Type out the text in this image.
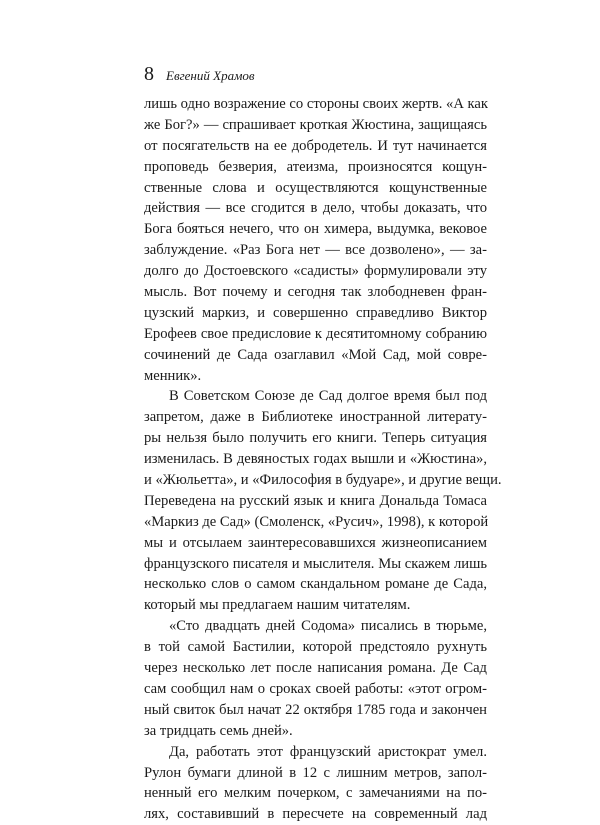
8 Евгений Храмов
лишь одно возражение со стороны своих жертв. «А как
же Бог?» — спрашивает кроткая Жюстина, защищаясь
от посягательств на ее добродетель. И тут начинается
проповедь безверия, атеизма, произносятся кощун-
ственные слова и осуществляются кощунственные
действия — все сгодится в дело, чтобы доказать, что
Бога бояться нечего, что он химера, выдумка, вековое
заблуждение. «Раз Бога нет — все дозволено», — за-
долго до Достоевского «садисты» формулировали эту
мысль. Вот почему и сегодня так злободневен фран-
цузский маркиз, и совершенно справедливо Виктор
Ерофеев свое предисловие к десятитомному собранию
сочинений де Сада озаглавил «Мой Сад, мой совре-
менник».
В Советском Союзе де Сад долгое время был под
запретом, даже в Библиотеке иностранной литерату-
ры нельзя было получить его книги. Теперь ситуация
изменилась. В девяностых годах вышли и «Жюстина»,
и «Жюльетта», и «Философия в будуаре», и другие вещи.
Переведена на русский язык и книга Дональда Томаса
«Маркиз де Сад» (Смоленск, «Русич», 1998), к которой
мы и отсылаем заинтересовавшихся жизнеописанием
французского писателя и мыслителя. Мы скажем лишь
несколько слов о самом скандальном романе де Сада,
который мы предлагаем нашим читателям.
«Сто двадцать дней Содома» писались в тюрьме,
в той самой Бастилии, которой предстояло рухнуть
через несколько лет после написания романа. Де Сад
сам сообщил нам о сроках своей работы: «этот огром-
ный свиток был начат 22 октября 1785 года и закончен
за тридцать семь дней».
Да, работать этот французский аристократ умел.
Рулон бумаги длиной в 12 с лишним метров, запол-
ненный его мелким почерком, с замечаниями на по-
лях, составивший в пересчете на современный лад
